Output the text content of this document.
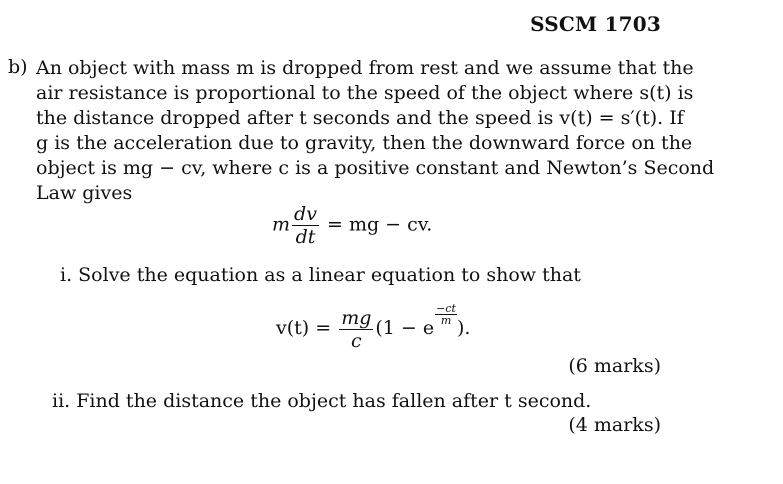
SSCM 1703
b) An object with mass m is dropped from rest and we assume that the
air resistance is proportional to the speed of the object where s(t) is
the distance dropped after t seconds and the speed is v(t) = s′(t). If
g is the acceleration due to gravity, then the downward force on the
object is mg − cv, where c is a positive constant and Newton’s Second
Law gives
m $\frac{dv}{dt}$ = mg − cv.
i. Solve the equation as a linear equation to show that
$v(t) = \frac{mg}{c} (1 - e$
$\frac{-ct}{m}$
).
(6 marks)
ii. Find the distance the object has fallen after t second.
(4 marks)
